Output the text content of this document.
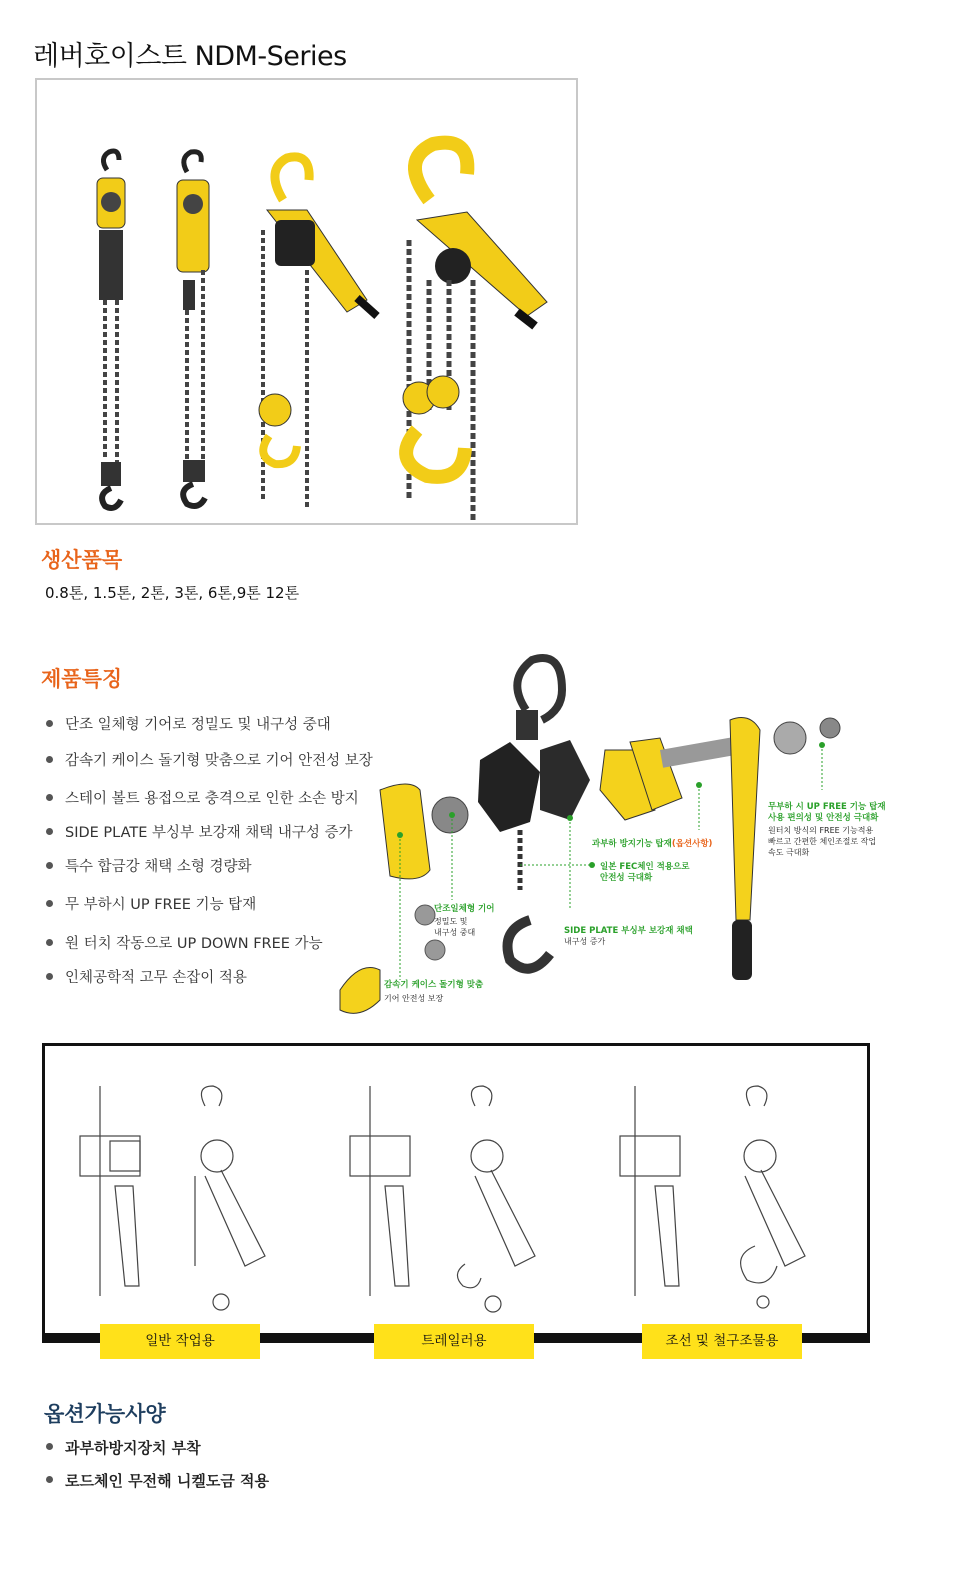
레버호이스트 NDM-Series
생산품목
0.8톤, 1.5톤, 2톤, 3톤, 6톤,9톤 12톤
제품특징
단조 일체형 기어로 정밀도 및 내구성 중대
감속기 케이스 돌기형 맞춤으로 기어 안전성 보장
스테이 볼트 용접으로 충격으로 인한 소손 방지
SIDE PLATE 부싱부 보강재 채택 내구성 증가
특수 합금강 채택 소형 경량화
무 부하시 UP FREE 기능 탑재
원 터치 작동으로 UP DOWN FREE 가능
인체공학적 고무 손잡이 적용
무부하 시 UP FREE 기능 탑재
사용 편의성 및 안전성 극대화
원터치 방식의 FREE 기능적용
빠르고 간편한 체인조절로 작업
속도 극대화
과부하 방지기능 탑재(옵션사항)
일본 FEC체인 적용으로
안전성 극대화
SIDE PLATE 부싱부 보강재 채택
내구성 증가
단조일체형 기어
정밀도 및
내구성 중대
감속기 케이스 돌기형 맞춤
기어 안전성 보장
일반 작업용	트레일러용	조선 및 철구조물용
옵션가능사양
과부하방지장치 부착
로드체인 무전해 니켈도금 적용
